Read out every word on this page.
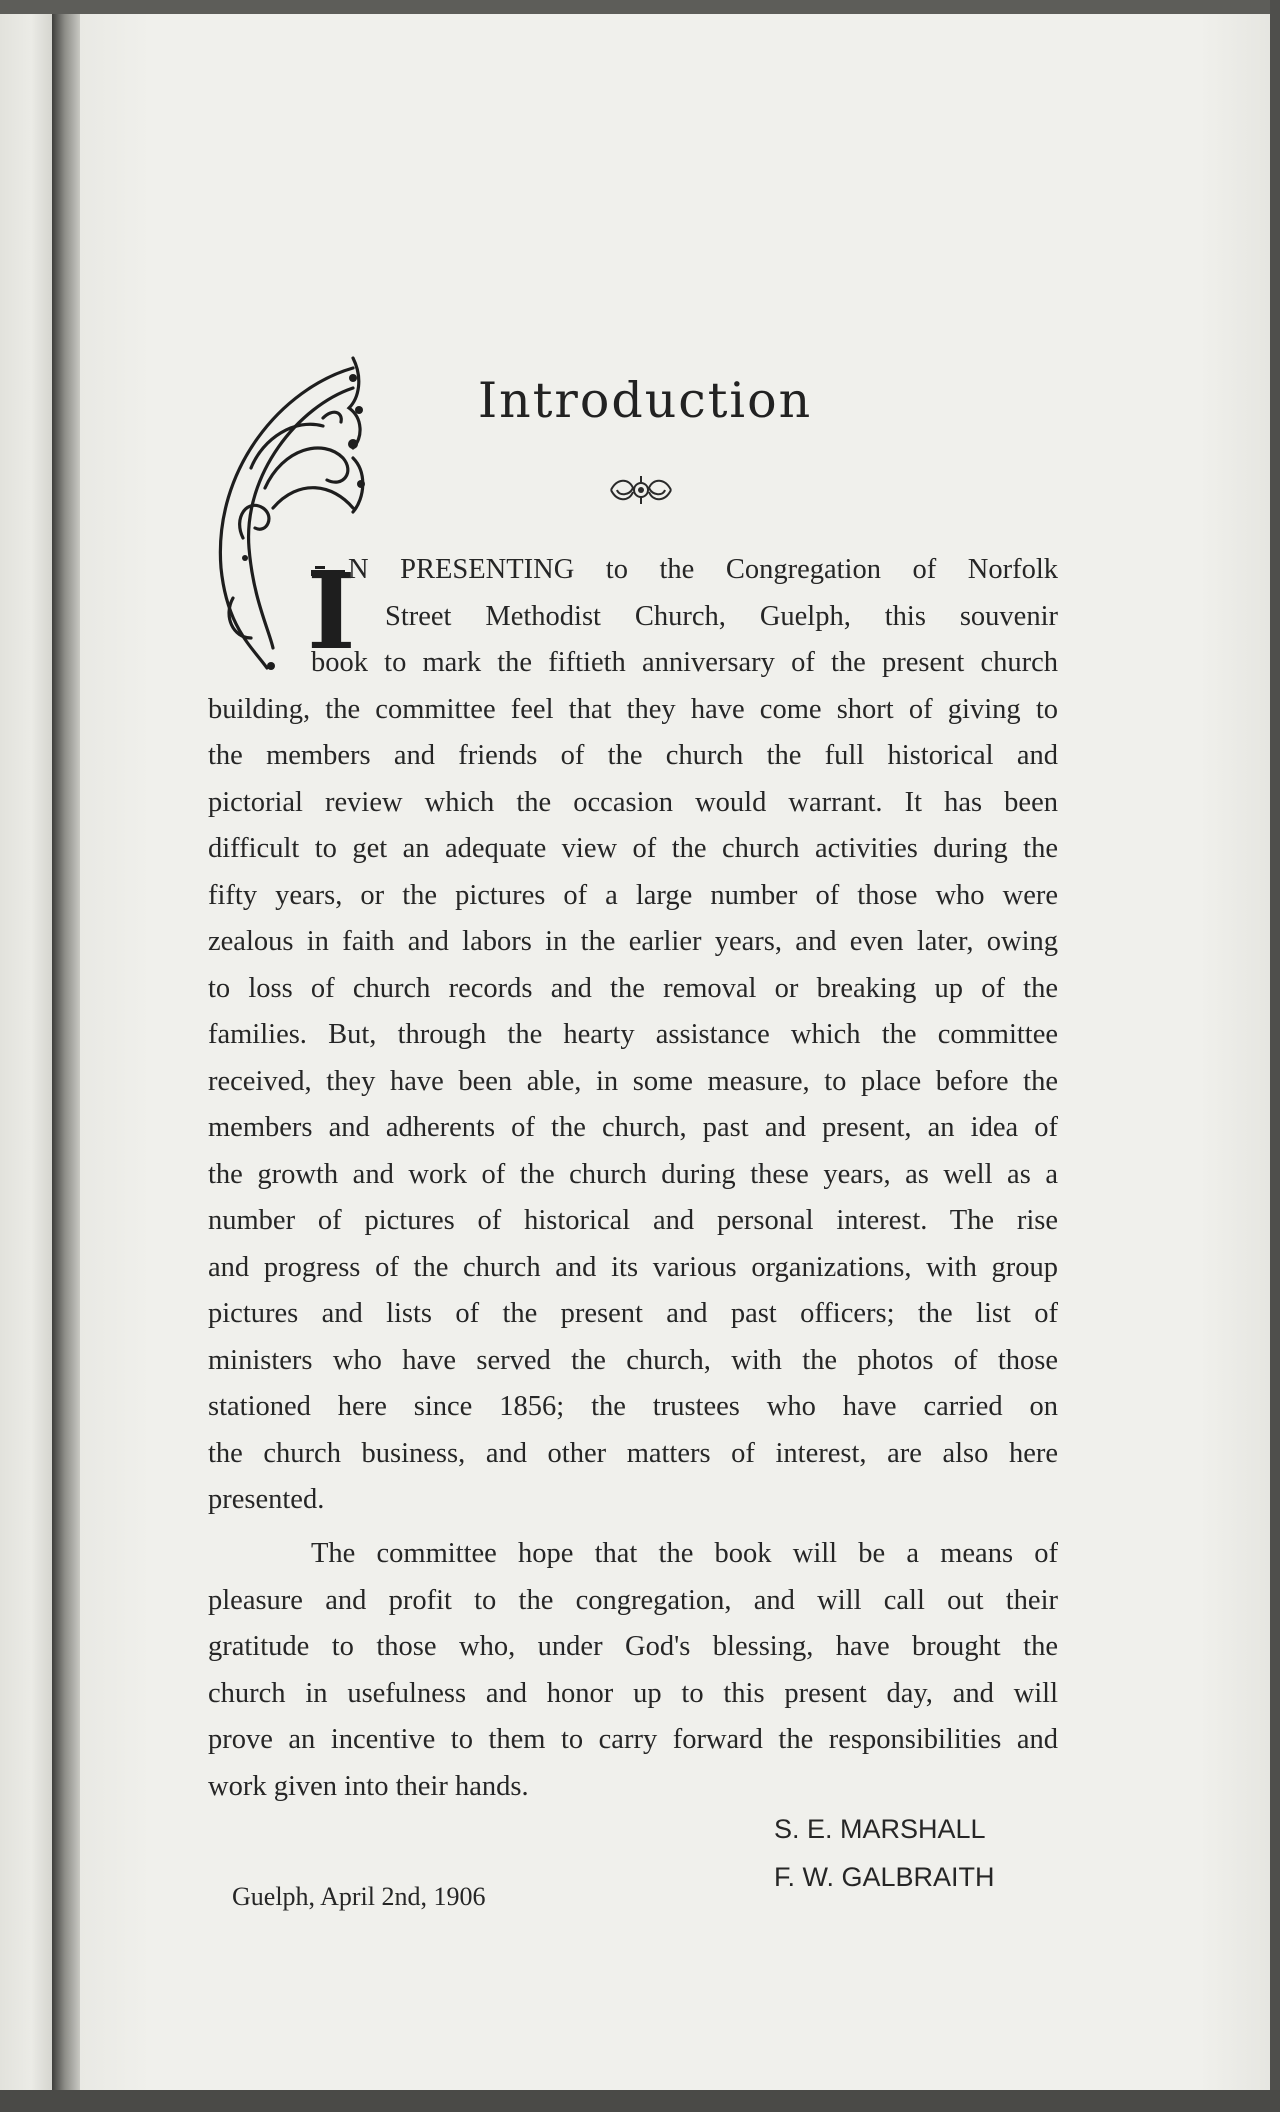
Introduction
I
N PRESENTING to the Congregation of Norfolk
Street Methodist Church, Guelph, this souvenir
book to mark the fiftieth anniversary of the present church
building, the committee feel that they have come short of giving to
the members and friends of the church the full historical and
pictorial review which the occasion would warrant. It has been
difficult to get an adequate view of the church activities during the
fifty years, or the pictures of a large number of those who were
zealous in faith and labors in the earlier years, and even later, owing
to loss of church records and the removal or breaking up of the
families. But, through the hearty assistance which the committee
received, they have been able, in some measure, to place before the
members and adherents of the church, past and present, an idea of
the growth and work of the church during these years, as well as a
number of pictures of historical and personal interest. The rise
and progress of the church and its various organizations, with group
pictures and lists of the present and past officers; the list of
ministers who have served the church, with the photos of those
stationed here since 1856; the trustees who have carried on
the church business, and other matters of interest, are also here
presented.
The committee hope that the book will be a means of
pleasure and profit to the congregation, and will call out their
gratitude to those who, under God's blessing, have brought the
church in usefulness and honor up to this present day, and will
prove an incentive to them to carry forward the responsibilities and
work given into their hands.
S. E. MARSHALL
F. W. GALBRAITH
Guelph, April 2nd, 1906
